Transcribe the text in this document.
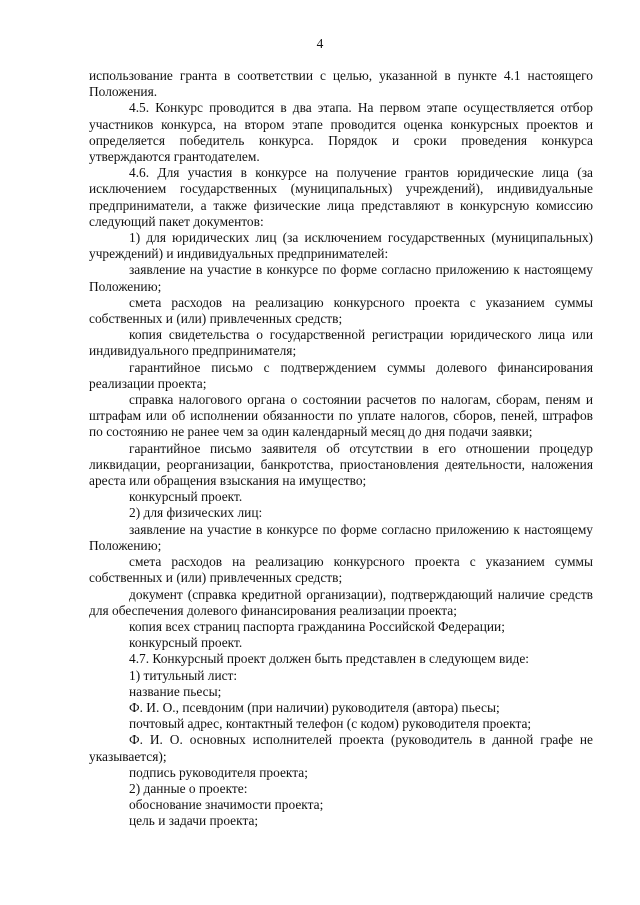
4

использование гранта в соответствии с целью, указанной в пункте 4.1 настоящего Положения.

4.5. Конкурс проводится в два этапа. На первом этапе осуществляется отбор участников конкурса, на втором этапе проводится оценка конкурсных проектов и определяется победитель конкурса. Порядок и сроки проведения конкурса утверждаются грантодателем.

4.6. Для участия в конкурсе на получение грантов юридические лица (за исключением государственных (муниципальных) учреждений), индивидуальные предприниматели, а также физические лица представляют в конкурсную комиссию следующий пакет документов:

1) для юридических лиц (за исключением государственных (муниципальных) учреждений) и индивидуальных предпринимателей:

заявление на участие в конкурсе по форме согласно приложению к настоящему Положению;

смета расходов на реализацию конкурсного проекта с указанием суммы собственных и (или) привлеченных средств;

копия свидетельства о государственной регистрации юридического лица или индивидуального предпринимателя;

гарантийное письмо с подтверждением суммы долевого финансирования реализации проекта;

справка налогового органа о состоянии расчетов по налогам, сборам, пеням и штрафам или об исполнении обязанности по уплате налогов, сборов, пеней, штрафов по состоянию не ранее чем за один календарный месяц до дня подачи заявки;

гарантийное письмо заявителя об отсутствии в его отношении процедур ликвидации, реорганизации, банкротства, приостановления деятельности, наложения ареста или обращения взыскания на имущество;

конкурсный проект.

2) для физических лиц:

заявление на участие в конкурсе по форме согласно приложению к настоящему Положению;

смета расходов на реализацию конкурсного проекта с указанием суммы собственных и (или) привлеченных средств;

документ (справка кредитной организации), подтверждающий наличие средств для обеспечения долевого финансирования реализации проекта;

копия всех страниц паспорта гражданина Российской Федерации;

конкурсный проект.

4.7. Конкурсный проект должен быть представлен в следующем виде:

1) титульный лист:

название пьесы;

Ф. И. О., псевдоним (при наличии) руководителя (автора) пьесы;

почтовый адрес, контактный телефон (с кодом) руководителя проекта;

Ф. И. О. основных исполнителей проекта (руководитель в данной графе не указывается);

подпись руководителя проекта;

2) данные о проекте:

обоснование значимости проекта;

цель и задачи проекта;
